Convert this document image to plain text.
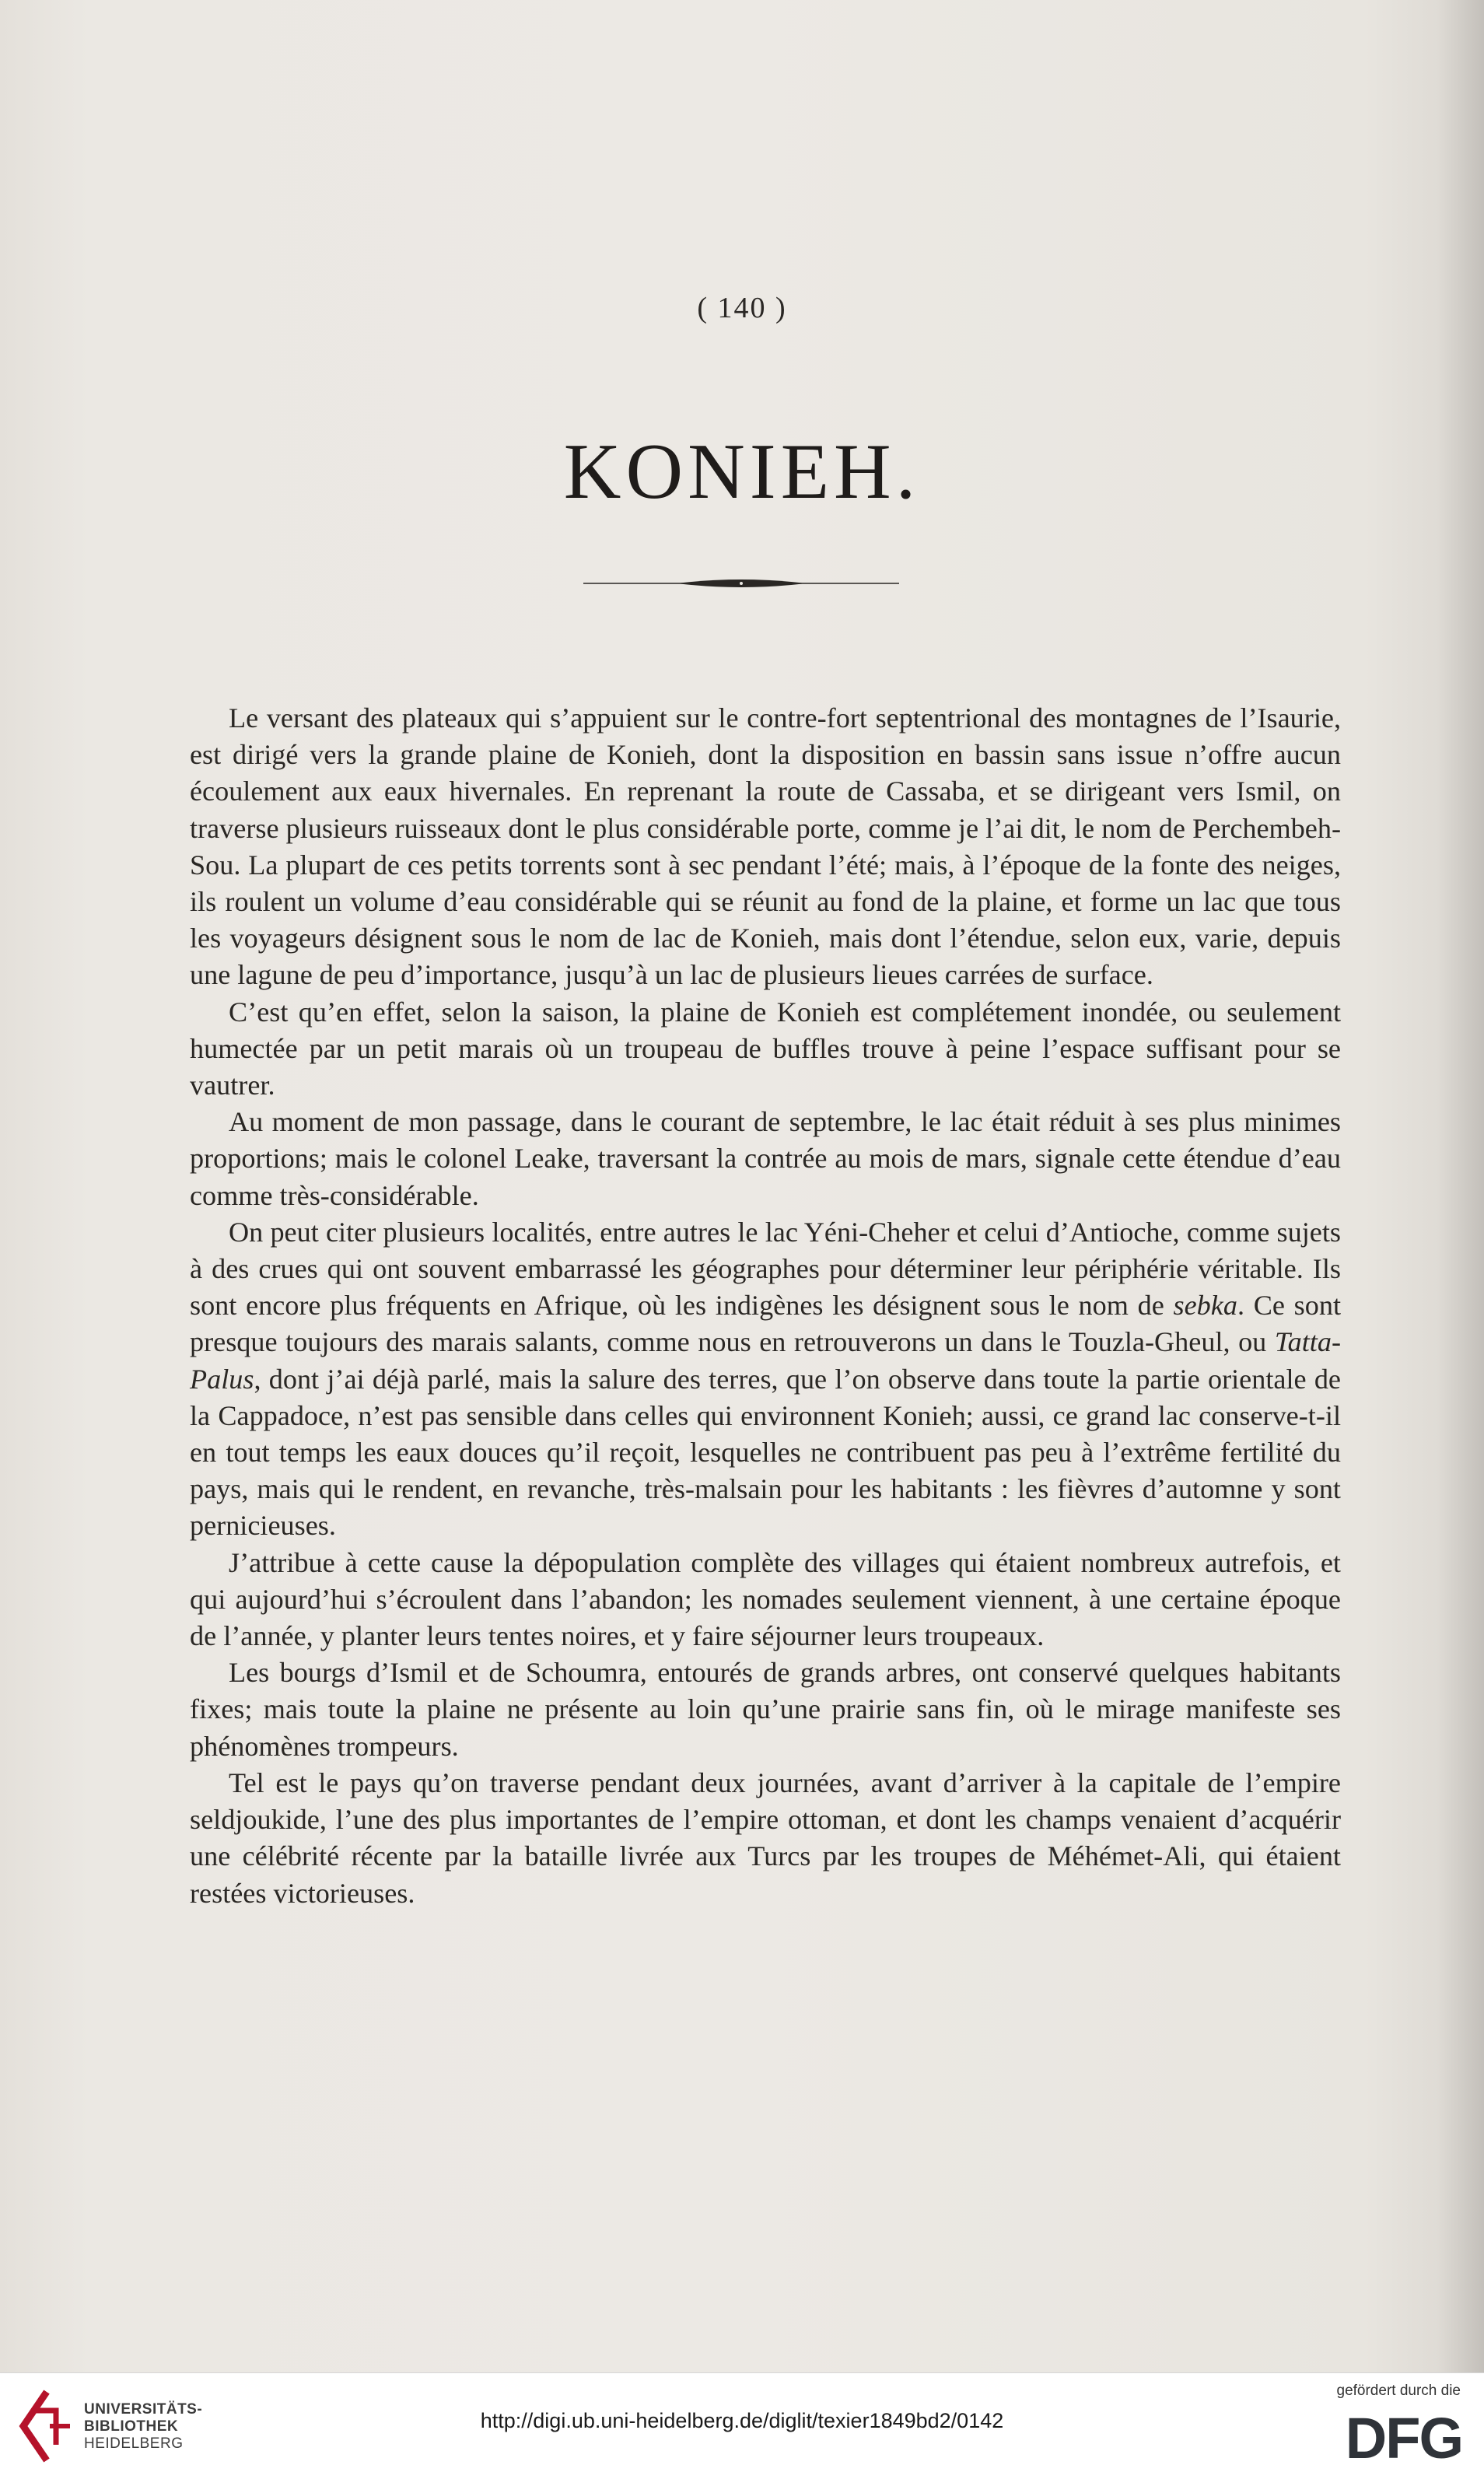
( 140 )
KONIEH.

Le versant des plateaux qui s’appuient sur le contre-fort septentrional des montagnes de l’Isaurie, est dirigé vers la grande plaine de Konieh, dont la disposition en bassin sans issue n’offre aucun écoulement aux eaux hivernales. En reprenant la route de Cassaba, et se dirigeant vers Ismil, on traverse plusieurs ruisseaux dont le plus considérable porte, comme je l’ai dit, le nom de Perchembeh-Sou. La plupart de ces petits torrents sont à sec pendant l’été; mais, à l’époque de la fonte des neiges, ils roulent un volume d’eau considérable qui se réunit au fond de la plaine, et forme un lac que tous les voyageurs désignent sous le nom de lac de Konieh, mais dont l’étendue, selon eux, varie, depuis une lagune de peu d’importance, jusqu’à un lac de plusieurs lieues carrées de surface.

C’est qu’en effet, selon la saison, la plaine de Konieh est complétement inondée, ou seulement humectée par un petit marais où un troupeau de buffles trouve à peine l’espace suffisant pour se vautrer.

Au moment de mon passage, dans le courant de septembre, le lac était réduit à ses plus minimes proportions; mais le colonel Leake, traversant la contrée au mois de mars, signale cette étendue d’eau comme très-considérable.

On peut citer plusieurs localités, entre autres le lac Yéni-Cheher et celui d’Antioche, comme sujets à des crues qui ont souvent embarrassé les géographes pour déterminer leur périphérie véritable. Ils sont encore plus fréquents en Afrique, où les indigènes les désignent sous le nom de sebka. Ce sont presque toujours des marais salants, comme nous en retrouverons un dans le Touzla-Gheul, ou Tatta-Palus, dont j’ai déjà parlé, mais la salure des terres, que l’on observe dans toute la partie orientale de la Cappadoce, n’est pas sensible dans celles qui environnent Konieh; aussi, ce grand lac conserve-t-il en tout temps les eaux douces qu’il reçoit, lesquelles ne contribuent pas peu à l’extrême fertilité du pays, mais qui le rendent, en revanche, très-malsain pour les habitants : les fièvres d’automne y sont pernicieuses.

J’attribue à cette cause la dépopulation complète des villages qui étaient nombreux autrefois, et qui aujourd’hui s’écroulent dans l’abandon; les nomades seulement viennent, à une certaine époque de l’année, y planter leurs tentes noires, et y faire séjourner leurs troupeaux.

Les bourgs d’Ismil et de Schoumra, entourés de grands arbres, ont conservé quelques habitants fixes; mais toute la plaine ne présente au loin qu’une prairie sans fin, où le mirage manifeste ses phénomènes trompeurs.

Tel est le pays qu’on traverse pendant deux journées, avant d’arriver à la capitale de l’empire seldjoukide, l’une des plus importantes de l’empire ottoman, et dont les champs venaient d’acquérir une célébrité récente par la bataille livrée aux Turcs par les troupes de Méhémet-Ali, qui étaient restées victorieuses.

UNIVERSITÄTS-
BIBLIOTHEK
HEIDELBERG
http://digi.ub.uni-heidelberg.de/diglit/texier1849bd2/0142
gefördert durch die
DFG
